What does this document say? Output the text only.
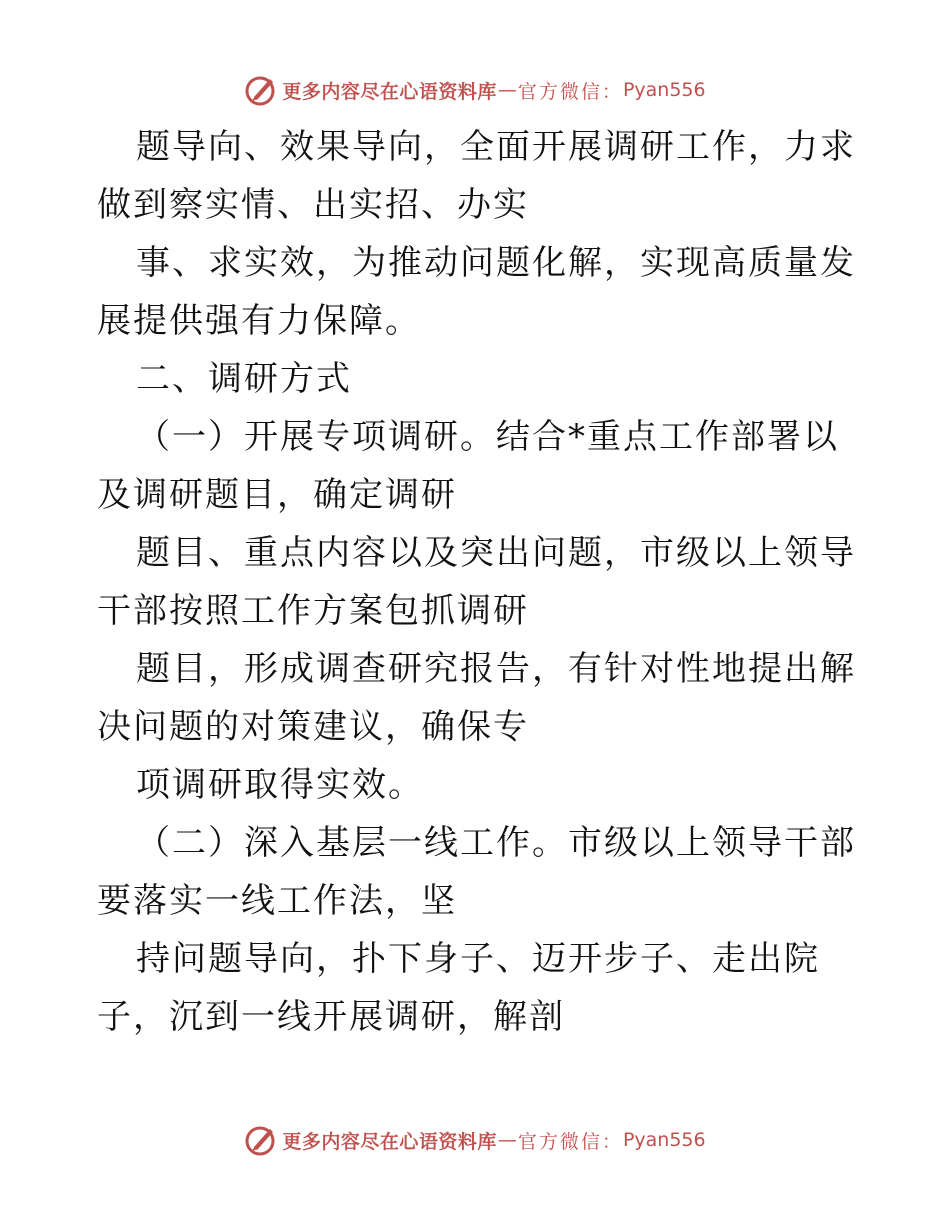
更多内容尽在心语资料库 — 官方微信： Pyan556

题导向、效果导向，全面开展调研工作，力求做到察实情、出实招、办实

事、求实效，为推动问题化解，实现高质量发展提供强有力保障。

二、调研方式

（一）开展专项调研。结合*重点工作部署以及调研题目，确定调研

题目、重点内容以及突出问题，市级以上领导干部按照工作方案包抓调研

题目，形成调查研究报告，有针对性地提出解决问题的对策建议，确保专

项调研取得实效。

（二）深入基层一线工作。市级以上领导干部要落实一线工作法，坚

持问题导向，扑下身子、迈开步子、走出院子，沉到一线开展调研，解剖

更多内容尽在心语资料库 — 官方微信： Pyan556
